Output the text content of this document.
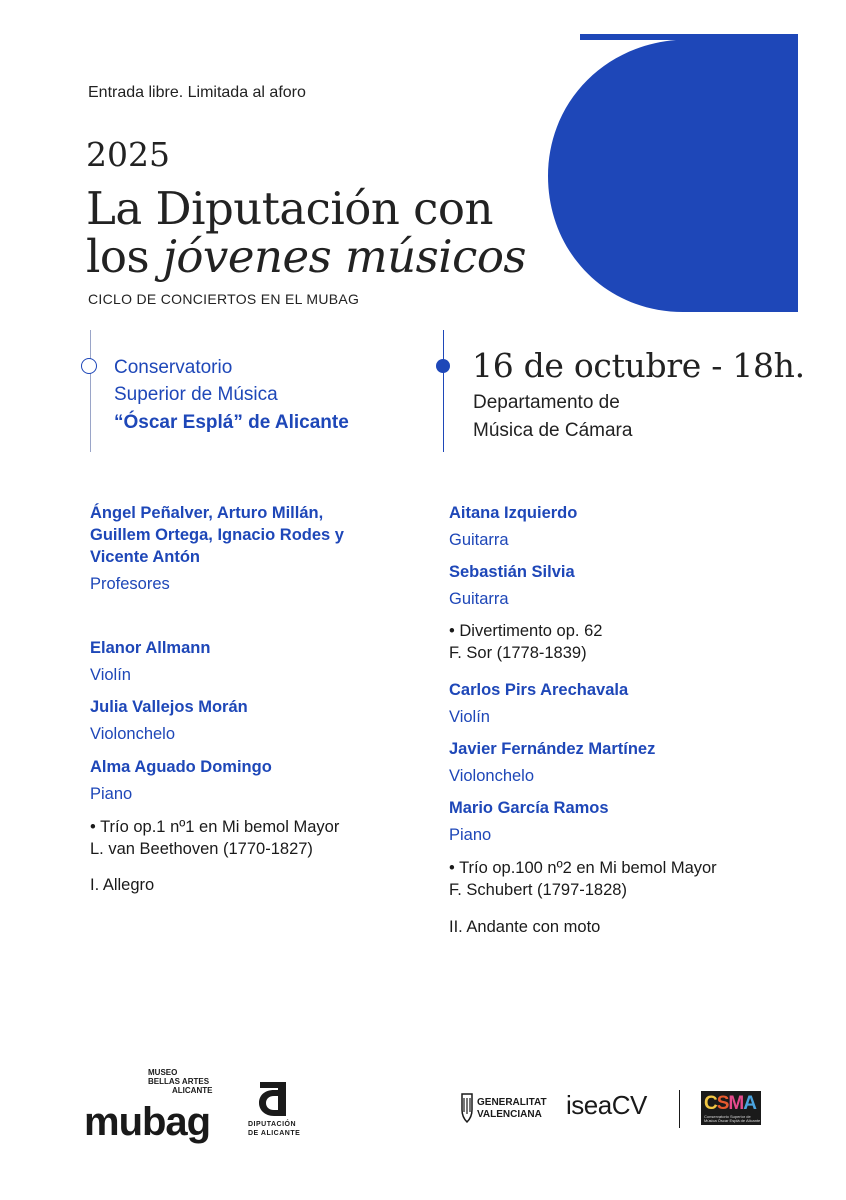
Entrada libre. Limitada al aforo
2025
La Diputación con
los jóvenes músicos
CICLO DE CONCIERTOS EN EL MUBAG
Conservatorio
Superior de Música
“Óscar Esplá” de Alicante
16 de octubre - 18h.
Departamento de
Música de Cámara
Ángel Peñalver, Arturo Millán,
Guillem Ortega, Ignacio Rodes y
Vicente Antón
Profesores
Elanor Allmann
Violín
Julia Vallejos Morán
Violonchelo
Alma Aguado Domingo
Piano
• Trío op.1 nº1 en Mi bemol Mayor
L. van Beethoven (1770-1827)
I. Allegro
Aitana Izquierdo
Guitarra
Sebastián Silvia
Guitarra
• Divertimento op. 62
F. Sor (1778-1839)
Carlos Pirs Arechavala
Violín
Javier Fernández Martínez
Violonchelo
Mario García Ramos
Piano
• Trío op.100 nº2 en Mi bemol Mayor
F. Schubert (1797-1828)
II. Andante con moto
MUSEO
BELLAS ARTES
ALICANTE
mubag	DIPUTACIÓN
DE ALICANTE
GENERALITAT
VALENCIANA iseaCV	CSMA
Conservatorio Superior de Música Óscar Esplá de Alicante
